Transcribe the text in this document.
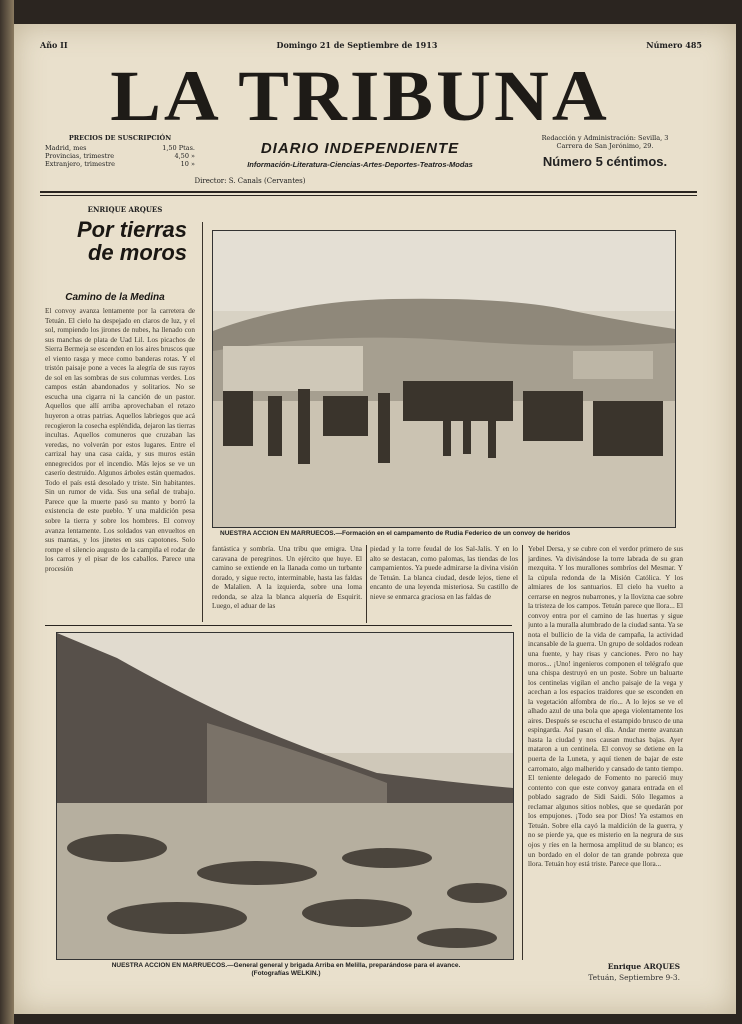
Año II	Domingo 21 de Septiembre de 1913	Número 485
LA TRIBUNA
PRECIOS DE SUSCRIPCIÓN
Madrid, mes	1,50 Ptas.
Provincias, trimestre	4,50 »
Extranjero, trimestre	10 »
DIARIO INDEPENDIENTE
Información-Literatura-Ciencias-Artes-Deportes-Teatros-Modas
Redacción y Administración: Sevilla, 3
Carrera de San Jerónimo, 29.
Número 5 céntimos.
Director: S. Canals (Cervantes)
ENRIQUE ARQUES
Por tierras
de moros
Camino de la Medina
El convoy avanza lentamente por la carretera de Tetuán. El cielo ha despejado en claros de luz, y el sol, rompiendo los jirones de nubes, ha llenado con sus manchas de plata de Uad Lil. Los picachos de Sierra Bermeja se escenden en los aires bruscos que el viento rasga y mece como banderas rotas. Y el tristón paisaje pone a veces la alegría de sus rayos de sol en las sombras de sus columnas verdes. Los campos están abandonados y solitarios. No se escucha una cigarra ni la canción de un pastor. Aquellos que allí arriba aprovechaban el retazo huyeron a otras patrias. Aquellos labriegos que acá recogieron la cosecha espléndida, dejaron las tierras incultas. Aquellos comuneros que cruzaban las veredas, no volverán por estos lugares. Entre el carrizal hay una casa caída, y sus muros están ennegrecidos por el incendio. Más lejos se ve un caserío destruido. Algunos árboles están quemados. Todo el país está desolado y triste. Sin habitantes. Sin un rumor de vida. Sus una señal de trabajo. Parece que la muerte pasó su manto y borró la existencia de este pueblo. Y una maldición pesa sobre la tierra y sobre los hombres. El convoy avanza lentamente. Los soldados van envueltos en sus mantas, y los jinetes en sus capotones. Solo rompe el silencio augusto de la campiña el rodar de los carros y el pisar de los caballos. Parece una procesión
NUESTRA ACCION EN MARRUECOS.—Formación en el campamento de Rudia Federico de un convoy de heridos
fantástica y sombría. Una tribu que emigra. Una caravana de peregrinos. Un ejército que huye. El camino se extiende en la llanada como un turbante dorado, y sigue recto, interminable, hasta las faldas de Malalien. A la izquierda, sobre una loma redonda, se alza la blanca alquería de Esquirit. Luego, el aduar de las
piedad y la torre feudal de los Sal-Jalís. Y en lo alto se destacan, como palomas, las tiendas de los campamientos. Ya puede admirarse la divina visión de Tetuán. La blanca ciudad, desde lejos, tiene el encanto de una leyenda misteriosa. Su castillo de nieve se enmarca graciosa en las faldas de
Yebel Dersa, y se cubre con el verdor primero de sus jardines. Va divisándose la torre labrada de su gran mezquita. Y los murallones sombríos del Mesmar. Y la cúpula redonda de la Misión Católica. Y los almiares de los santuarios. El cielo ha vuelto a cerrarse en negros nubarrones, y la llovizna cae sobre la tristeza de los campos. Tetuán parece que llora... El convoy entra por el camino de las huertas y sigue junto a la muralla alumbrado de la ciudad santa. Ya se nota el bullicio de la vida de campaña, la actividad incansable de la guerra. Un grupo de soldados rodean una fuente, y hay risas y canciones. Pero no hay moros... ¡Uno! ingenieros componen el telégrafo que una chispa destruyó en un poste. Sobre un baluarte los centinelas vigilan el ancho paisaje de la vega y acechan a los espacios traidores que se esconden en la vegetación alfombra de río... A lo lejos se ve el alhado azul de una bola que apega violentamente los aires. Después se escucha el estampido brusco de una espingarda. Así pasan el día. Andar mente avanzan hasta la ciudad y nos causan muchas bajas. Ayer mataron a un centinela. El convoy se detiene en la puerta de la Luneta, y aquí tienen de bajar de este carromato, algo malherido y cansado de tanto tiempo. El teniente delegado de Fomento no pareció muy contento con que este convoy ganara entrada en el poblado sagrado de Sidi Saidi. Sólo llegamos a reclamar algunos sitios nobles, que se quedarán por los empujones. ¡Todo sea por Dios! Ya estamos en Tetuán. Sobre ella cayó la maldición de la guerra, y no se pierde ya, que es misterio en la negrura de sus ojos y ríes en la hermosa amplitud de su blanco; es un bordado en el dolor de tan grande pobreza que llora. Tetuán hoy está triste. Parece que llora...
NUESTRA ACCION EN MARRUECOS.—General general y brigada Arriba en Melilla, preparándose para el avance.
(Fotografías WELKIN.)
Enrique ARQUES
Tetuán, Septiembre 9-3.
